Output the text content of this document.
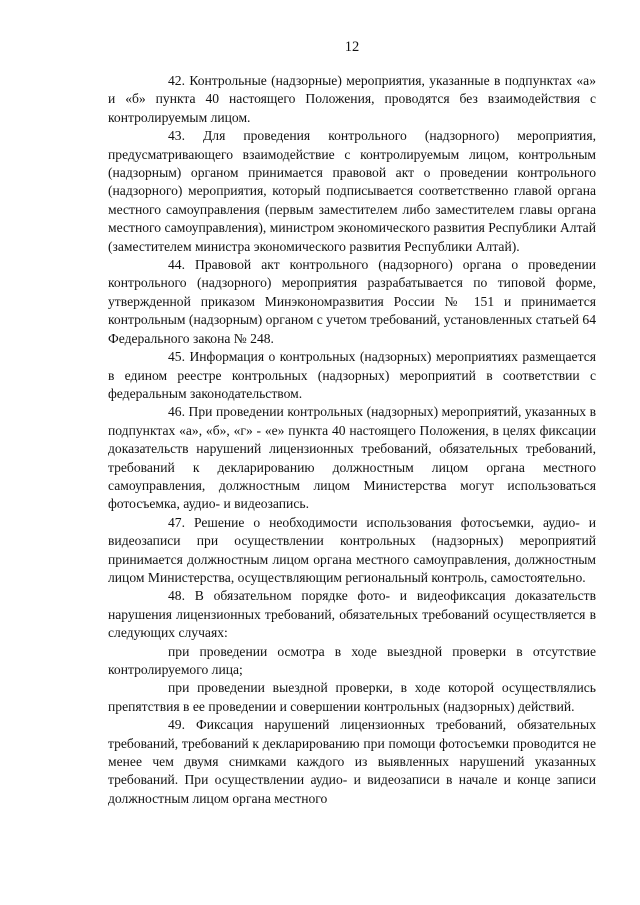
12

42. Контрольные (надзорные) мероприятия, указанные в подпунктах «а» и «б» пункта 40 настоящего Положения, проводятся без взаимодействия с контролируемым лицом.

43. Для проведения контрольного (надзорного) мероприятия, предусматривающего взаимодействие с контролируемым лицом, контрольным (надзорным) органом принимается правовой акт о проведении контрольного (надзорного) мероприятия, который подписывается соответственно главой органа местного самоуправления (первым заместителем либо заместителем главы органа местного самоуправления), министром экономического развития Республики Алтай (заместителем министра экономического развития Республики Алтай).

44. Правовой акт контрольного (надзорного) органа о проведении контрольного (надзорного) мероприятия разрабатывается по типовой форме, утвержденной приказом Минэкономразвития России № 151 и принимается контрольным (надзорным) органом с учетом требований, установленных статьей 64 Федерального закона № 248.

45. Информация о контрольных (надзорных) мероприятиях размещается в едином реестре контрольных (надзорных) мероприятий в соответствии с федеральным законодательством.

46. При проведении контрольных (надзорных) мероприятий, указанных в подпунктах «а», «б», «г» - «е» пункта 40 настоящего Положения, в целях фиксации доказательств нарушений лицензионных требований, обязательных требований, требований к декларированию должностным лицом органа местного самоуправления, должностным лицом Министерства могут использоваться фотосъемка, аудио- и видеозапись.

47. Решение о необходимости использования фотосъемки, аудио- и видеозаписи при осуществлении контрольных (надзорных) мероприятий принимается должностным лицом органа местного самоуправления, должностным лицом Министерства, осуществляющим региональный контроль, самостоятельно.

48. В обязательном порядке фото- и видеофиксация доказательств нарушения лицензионных требований, обязательных требований осуществляется в следующих случаях:

при проведении осмотра в ходе выездной проверки в отсутствие контролируемого лица;

при проведении выездной проверки, в ходе которой осуществлялись препятствия в ее проведении и совершении контрольных (надзорных) действий.

49. Фиксация нарушений лицензионных требований, обязательных требований, требований к декларированию при помощи фотосъемки проводится не менее чем двумя снимками каждого из выявленных нарушений указанных требований. При осуществлении аудио- и видеозаписи в начале и конце записи должностным лицом органа местного
